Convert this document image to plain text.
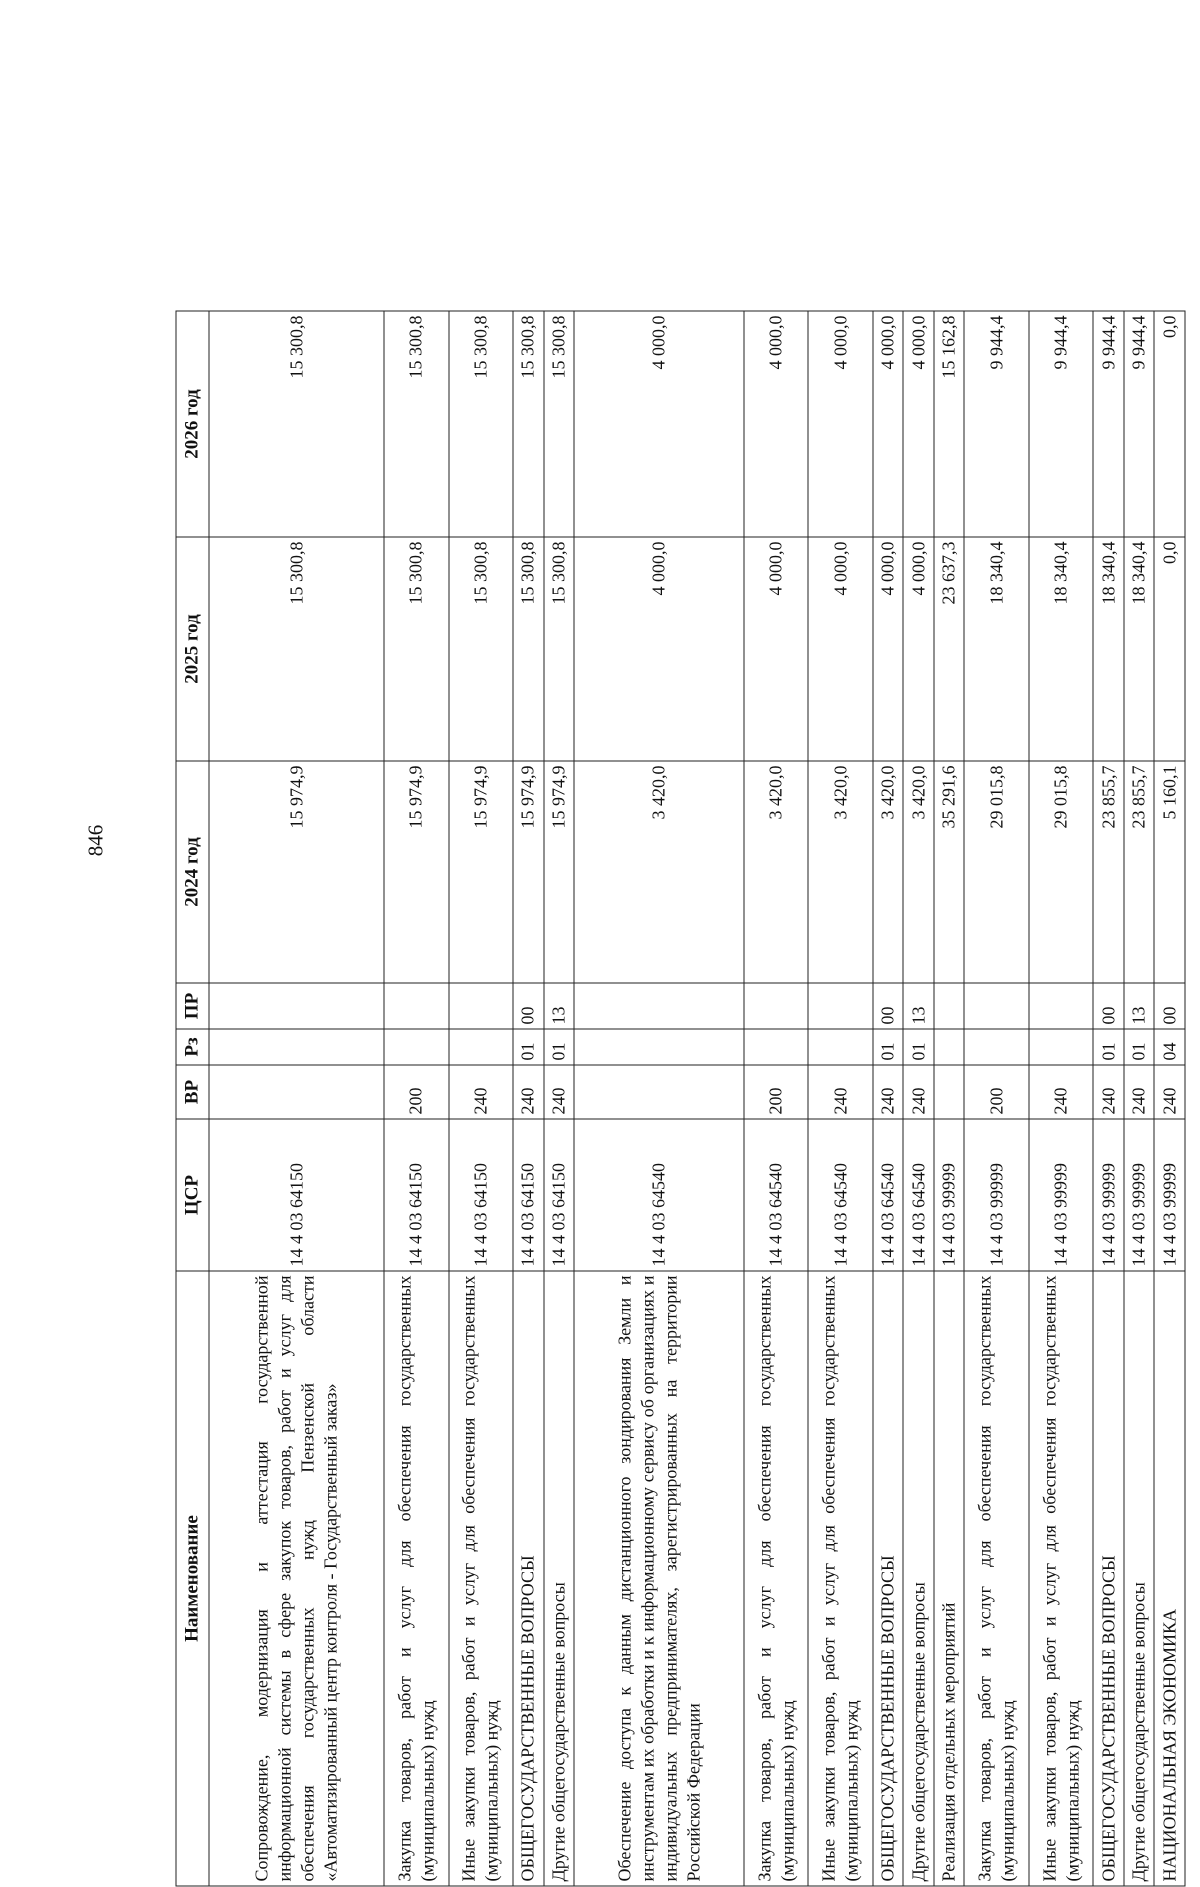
846
Наименование	ЦСР	ВР	Рз	ПР	2024 год	2025 год	2026 год
Сопровождение, модернизация и аттестация государственной информационной системы в сфере закупок товаров, работ и услуг для обеспечения государственных нужд Пензенской области «Автоматизированный центр контроля - Государственный заказ»	14 4 03 64150				15 974,9	15 300,8	15 300,8
Закупка товаров, работ и услуг для обеспечения государственных (муниципальных) нужд	14 4 03 64150	200			15 974,9	15 300,8	15 300,8
Иные закупки товаров, работ и услуг для обеспечения государственных (муниципальных) нужд	14 4 03 64150	240			15 974,9	15 300,8	15 300,8
ОБЩЕГОСУДАРСТВЕННЫЕ ВОПРОСЫ	14 4 03 64150	240	01	00	15 974,9	15 300,8	15 300,8
Другие общегосударственные вопросы	14 4 03 64150	240	01	13	15 974,9	15 300,8	15 300,8
Обеспечение доступа к данным дистанционного зондирования Земли и инструментам их обработки и к информационному сервису об организациях и индивидуальных предпринимателях, зарегистрированных на территории Российской Федерации	14 4 03 64540				3 420,0	4 000,0	4 000,0
Закупка товаров, работ и услуг для обеспечения государственных (муниципальных) нужд	14 4 03 64540	200			3 420,0	4 000,0	4 000,0
Иные закупки товаров, работ и услуг для обеспечения государственных (муниципальных) нужд	14 4 03 64540	240			3 420,0	4 000,0	4 000,0
ОБЩЕГОСУДАРСТВЕННЫЕ ВОПРОСЫ	14 4 03 64540	240	01	00	3 420,0	4 000,0	4 000,0
Другие общегосударственные вопросы	14 4 03 64540	240	01	13	3 420,0	4 000,0	4 000,0
Реализация отдельных мероприятий	14 4 03 99999				35 291,6	23 637,3	15 162,8
Закупка товаров, работ и услуг для обеспечения государственных (муниципальных) нужд	14 4 03 99999	200			29 015,8	18 340,4	9 944,4
Иные закупки товаров, работ и услуг для обеспечения государственных (муниципальных) нужд	14 4 03 99999	240			29 015,8	18 340,4	9 944,4
ОБЩЕГОСУДАРСТВЕННЫЕ ВОПРОСЫ	14 4 03 99999	240	01	00	23 855,7	18 340,4	9 944,4
Другие общегосударственные вопросы	14 4 03 99999	240	01	13	23 855,7	18 340,4	9 944,4
НАЦИОНАЛЬНАЯ ЭКОНОМИКА	14 4 03 99999	240	04	00	5 160,1	0,0	0,0
